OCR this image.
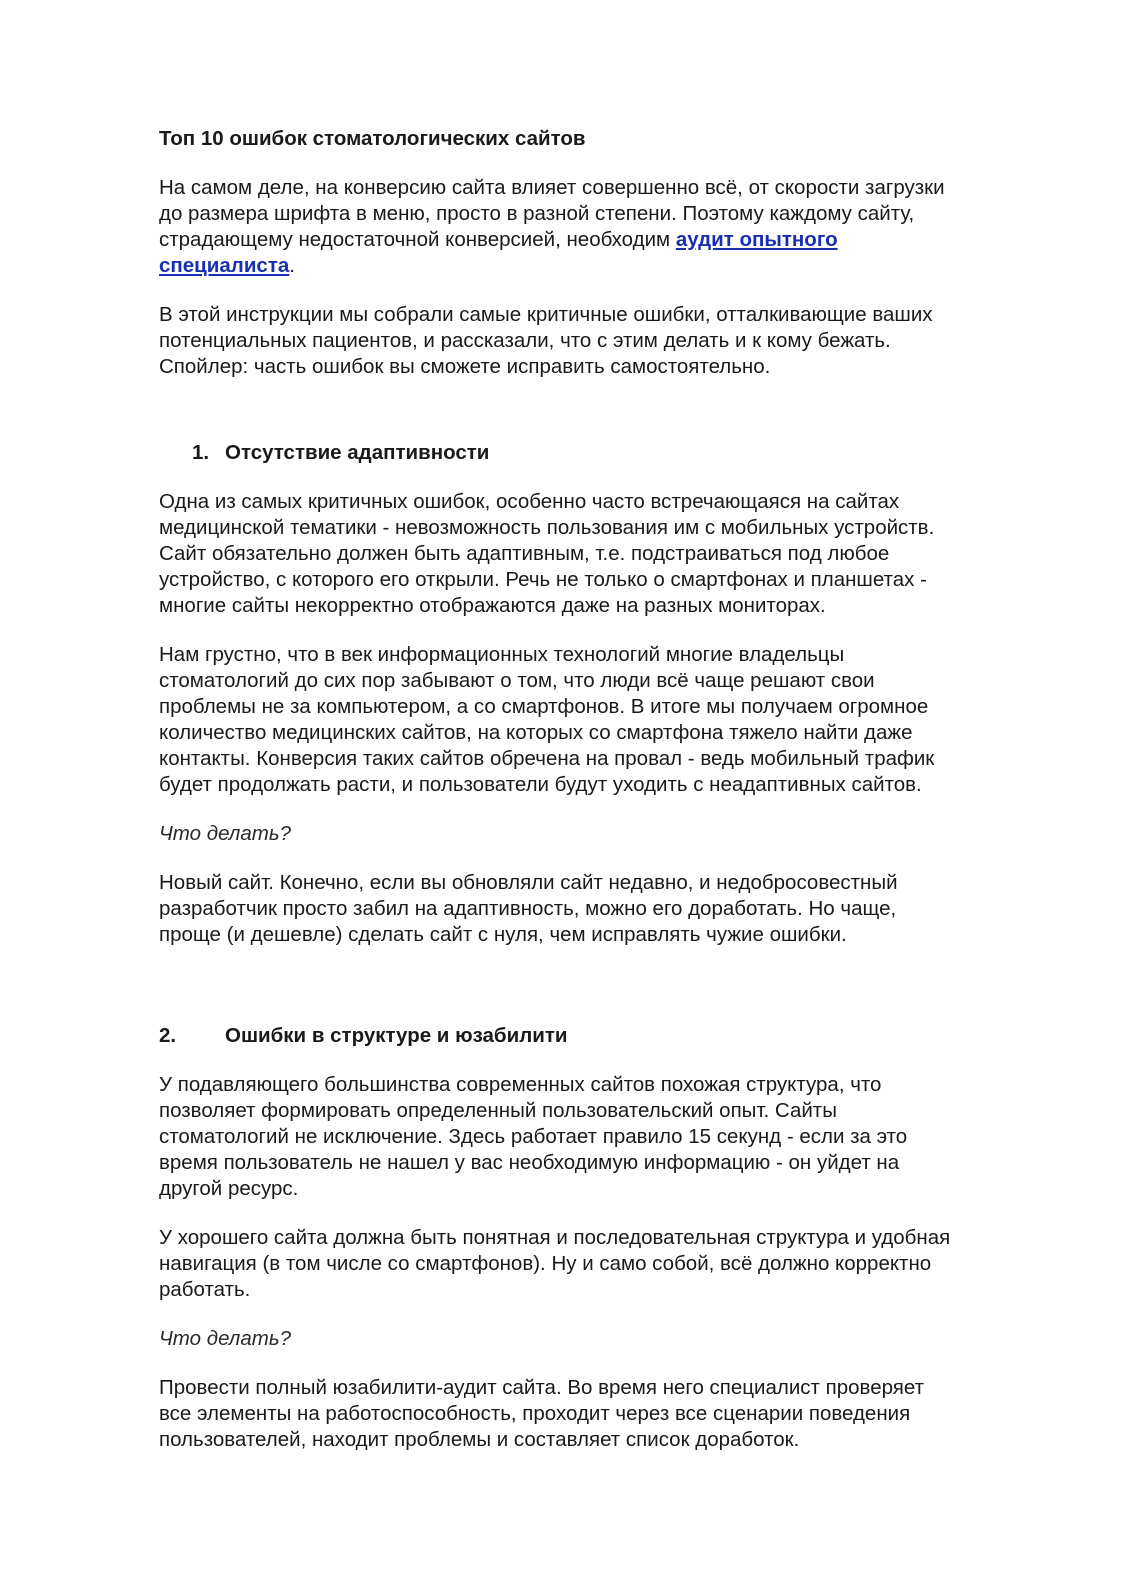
Топ 10 ошибок стоматологических сайтов

На самом деле, на конверсию сайта влияет совершенно всё, от скорости загрузки
до размера шрифта в меню, просто в разной степени. Поэтому каждому сайту,
страдающему недостаточной конверсией, необходим аудит опытного
специалиста.

В этой инструкции мы собрали самые критичные ошибки, отталкивающие ваших
потенциальных пациентов, и рассказали, что с этим делать и к кому бежать.
Спойлер: часть ошибок вы сможете исправить самостоятельно.

1. Отсутствие адаптивности

Одна из самых критичных ошибок, особенно часто встречающаяся на сайтах
медицинской тематики - невозможность пользования им с мобильных устройств.
Сайт обязательно должен быть адаптивным, т.е. подстраиваться под любое
устройство, с которого его открыли. Речь не только о смартфонах и планшетах -
многие сайты некорректно отображаются даже на разных мониторах.

Нам грустно, что в век информационных технологий многие владельцы
стоматологий до сих пор забывают о том, что люди всё чаще решают свои
проблемы не за компьютером, а со смартфонов. В итоге мы получаем огромное
количество медицинских сайтов, на которых со смартфона тяжело найти даже
контакты. Конверсия таких сайтов обречена на провал - ведь мобильный трафик
будет продолжать расти, и пользователи будут уходить с неадаптивных сайтов.

Что делать?

Новый сайт. Конечно, если вы обновляли сайт недавно, и недобросовестный
разработчик просто забил на адаптивность, можно его доработать. Но чаще,
проще (и дешевле) сделать сайт с нуля, чем исправлять чужие ошибки.

2.	Ошибки в структуре и юзабилити

У подавляющего большинства современных сайтов похожая структура, что
позволяет формировать определенный пользовательский опыт. Сайты
стоматологий не исключение. Здесь работает правило 15 секунд - если за это
время пользователь не нашел у вас необходимую информацию - он уйдет на
другой ресурс.

У хорошего сайта должна быть понятная и последовательная структура и удобная
навигация (в том числе со смартфонов). Ну и само собой, всё должно корректно
работать.

Что делать?

Провести полный юзабилити-аудит сайта. Во время него специалист проверяет
все элементы на работоспособность, проходит через все сценарии поведения
пользователей, находит проблемы и составляет список доработок.
